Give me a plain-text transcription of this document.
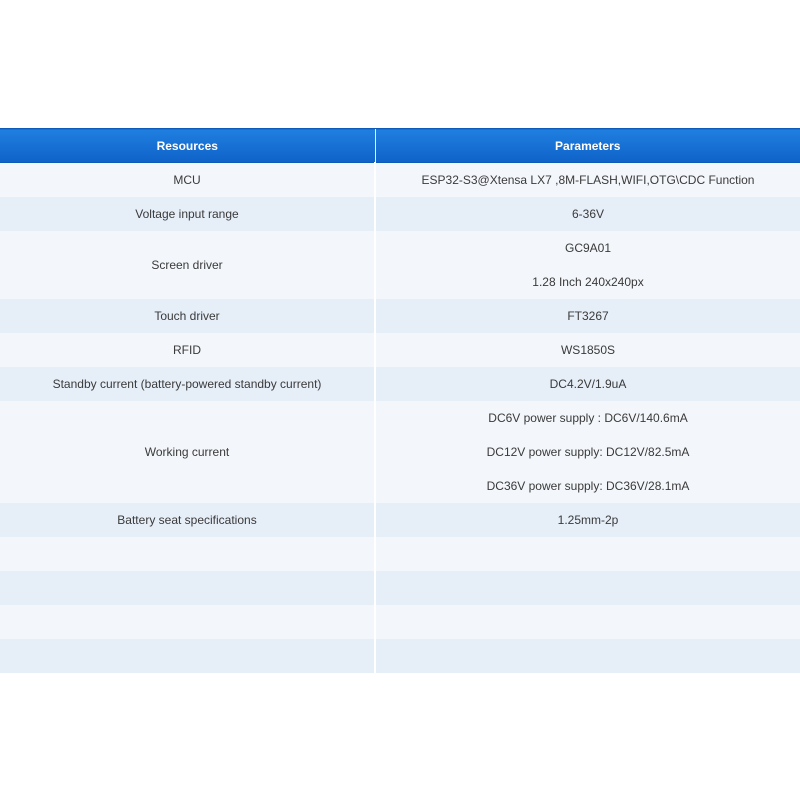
Resources	Parameters
MCU	ESP32-S3@Xtensa LX7 ,8M-FLASH,WIFI,OTG\CDC Function

Voltage input range	6-36V

Screen driver	GC9A01
1.28 Inch 240x240px

Touch driver	FT3267

RFID	WS1850S

Standby current (battery-powered standby current)	DC4.2V/1.9uA

Working current	DC6V power supply : DC6V/140.6mA
DC12V power supply: DC12V/82.5mA
DC36V power supply: DC36V/28.1mA

Battery seat specifications	1.25mm-2p
